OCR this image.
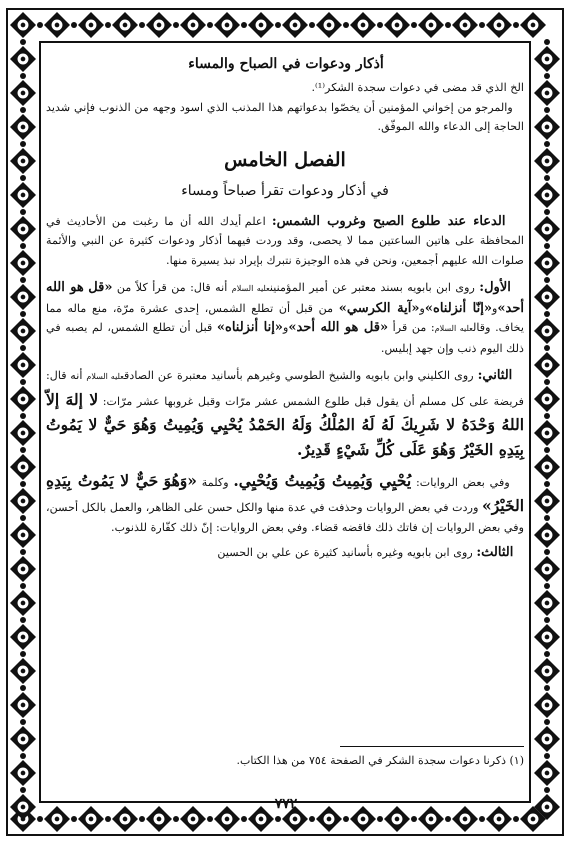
أذكار ودعوات في الصباح والمساء

الخ الذي قد مضى في دعوات سجدة الشكر⁽¹⁾.

والمرجو من إخواني المؤمنين أن يخصّوا بدعواتهم هذا المذنب الذي اسود وجهه من الذنوب فإني شديد الحاجة إلى الدعاء والله الموفّق.

الفصل الخامس
في أذكار ودعوات تقرأ صباحاً ومساء

الدعاء عند طلوع الصبح وغروب الشمس: اعلم أيدك الله أن ما رغبت من الأحاديث في المحافظة على هاتين الساعتين مما لا يحصى، وقد وردت فيهما أذكار ودعوات كثيرة عن النبي والأئمة صلوات الله عليهم أجمعين، ونحن في هذه الوجيزة نتبرك بإيراد نبذ يسيرة منها.

الأول: روى ابن بابويه بسند معتبر عن أمير المؤمنينعليه السلام أنه قال: من قرأ كلاً من «قل هو الله أحد»و«إنّا أنزلناه»و«آية الكرسي» من قبل أن تطلع الشمس، إحدى عشرة مرّة، منع ماله مما يخاف. وقالعليه السلام: من قرأ «قل هو الله أحد»و«إنا أنزلناه» قبل أن تطلع الشمس، لم يصبه في ذلك اليوم ذنب وإن جهد إبليس.

الثاني: روى الكليني وابن بابويه والشيخ الطوسي وغيرهم بأسانيد معتبرة عن الصادقعليه السلام أنه قال: فريضة على كل مسلم أن يقول قبل طلوع الشمس عشر مرّات وقبل غروبها عشر مرّات: لا إلهَ إلاّ اللهُ وَحْدَهُ لا شَرِيكَ لَهُ لَهُ المُلْكُ وَلَهُ الحَمْدُ يُحْيِي وَيُمِيتُ وَهُوَ حَيٌّ لا يَمُوتُ بِيَدِهِ الخَيْرُ وَهُوَ عَلَى كُلِّ شَيْءٍ قَدِيرٌ.

وفي بعض الروايات: يُحْيِي وَيُمِيتُ وَيُمِيتُ وَيُحْيِي. وكلمة «وَهُوَ حَيٌّ لا يَمُوتُ بِيَدِهِ الخَيْرُ» وردت في بعض الروايات وحذفت في عدة منها والكل حسن على الظاهر، والعمل بالكل أحسن، وفي بعض الروايات إن فاتك ذلك فاقضه قضاء. وفي بعض الروايات: إنّ ذلك كفّارة للذنوب.

الثالث: روى ابن بابويه وغيره بأسانيد كثيرة عن علي بن الحسين

(١) ذكرنا دعوات سجدة الشكر في الصفحة ٧٥٤ من هذا الكتاب.
٧٧٢
